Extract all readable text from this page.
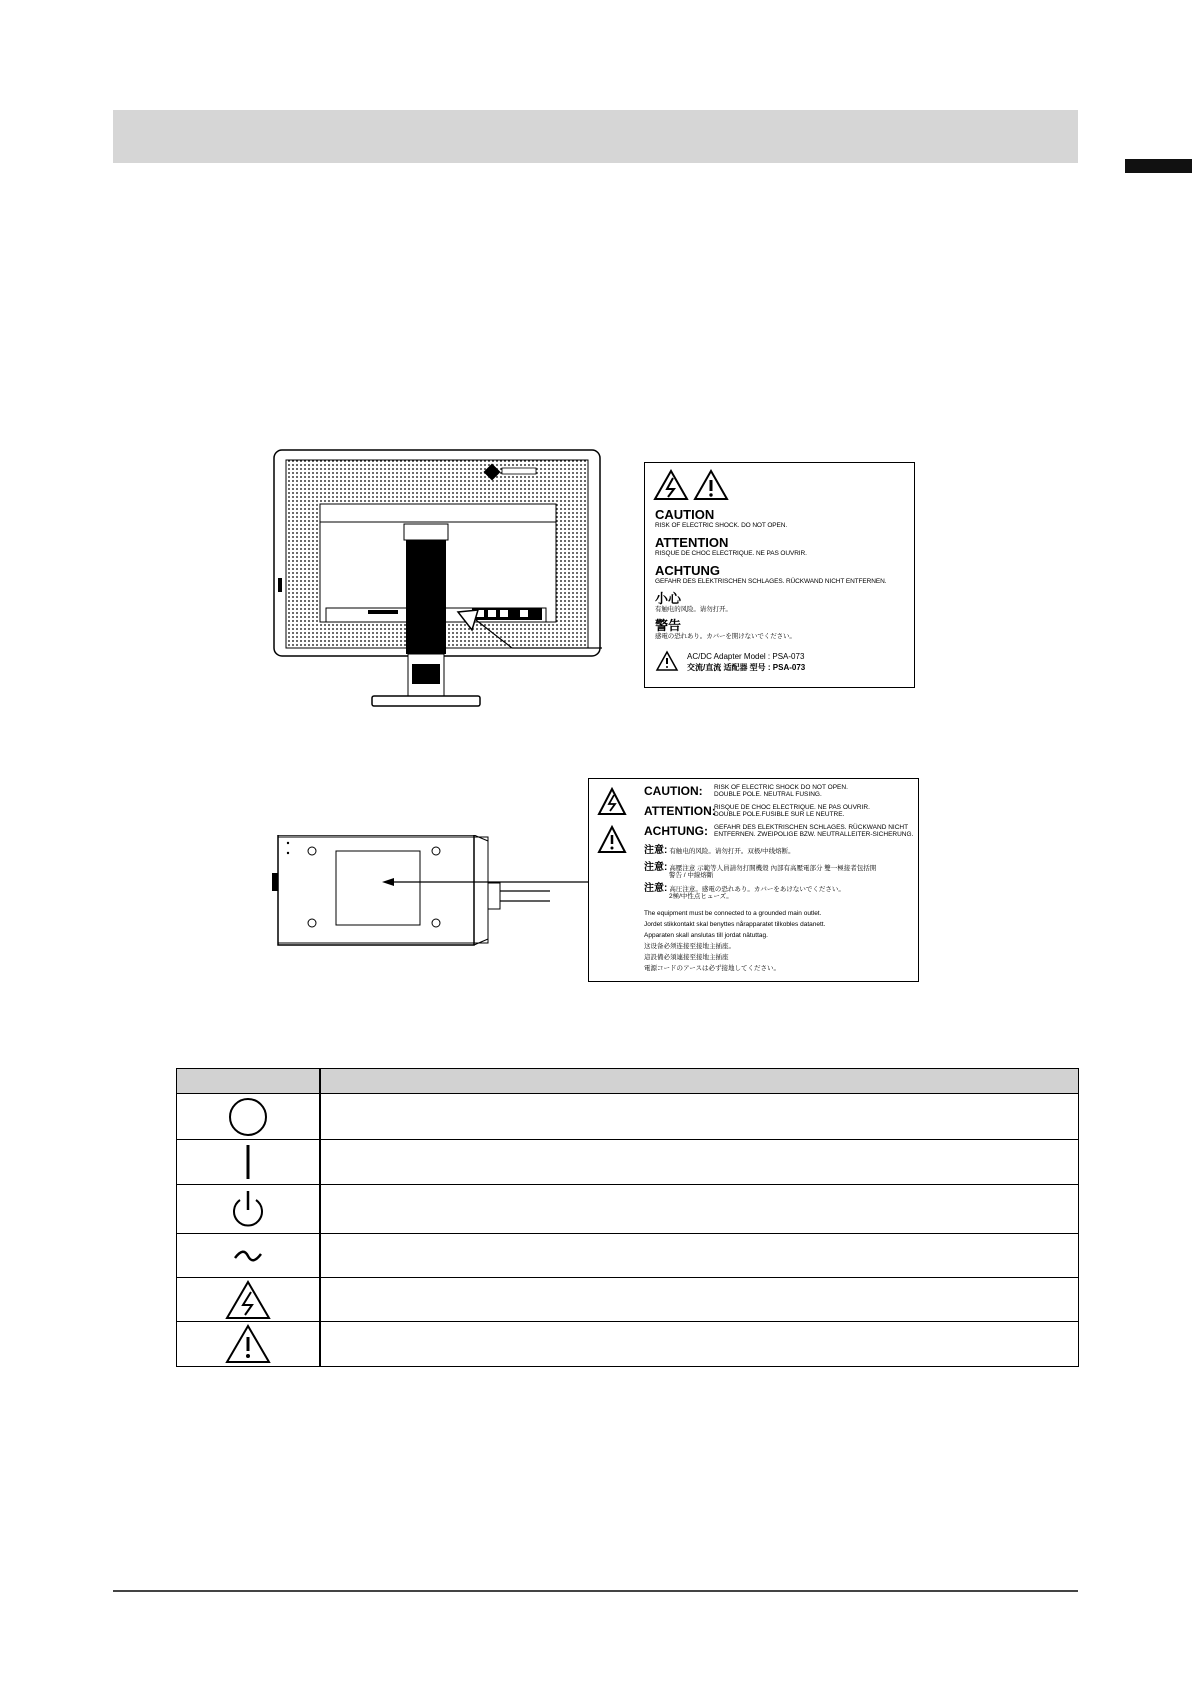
CAUTION
RISK OF ELECTRIC SHOCK. DO NOT OPEN.
ATTENTION
RISQUE DE CHOC ELECTRIQUE. NE PAS OUVRIR.
ACHTUNG
GEFAHR DES ELEKTRISCHEN SCHLAGES. RÜCKWAND NICHT ENTFERNEN.
小心
有触电的风险。请勿打开。
警告
感電の恐れあり。カバーを開けないでください。
AC/DC Adapter Model : PSA-073
交流/直流 适配器 型号 : PSA-073
CAUTION: RISK OF ELECTRIC SHOCK DO NOT OPEN.
DOUBLE POLE. NEUTRAL FUSING.
ATTENTION:
RISQUE DE CHOC ELECTRIQUE. NE PAS OUVRIR.
DOUBLE POLE.FUSIBLE SUR LE NEUTRE.
ACHTUNG: GEFAHR DES ELEKTRISCHEN SCHLAGES. RÜCKWAND NICHT
ENTFERNEN. ZWEIPOLIGE BZW. NEUTRALLEITER-SICHERUNG.
注意: 有触电的风险。请勿打开。双极/中线熔断。
注意: 高壓注意 示範等人員請勿打開機殼 內部有高壓電部分 雙一極接者包括開
警告 / 中線熔斷
注意: 高圧注意。感電の恐れあり。カバーをあけないでください。
2極/中性点ヒューズ。
The equipment must be connected to a grounded main outlet.
Jordet stikkontakt skal benyttes nårapparatet tilkobles datanett.
Apparaten skall anslutas till jordat nätuttag.
这设备必须连接至接地主插座。
這設備必須連接至接地主插座
電源コードのアースは必ず接地してください。
